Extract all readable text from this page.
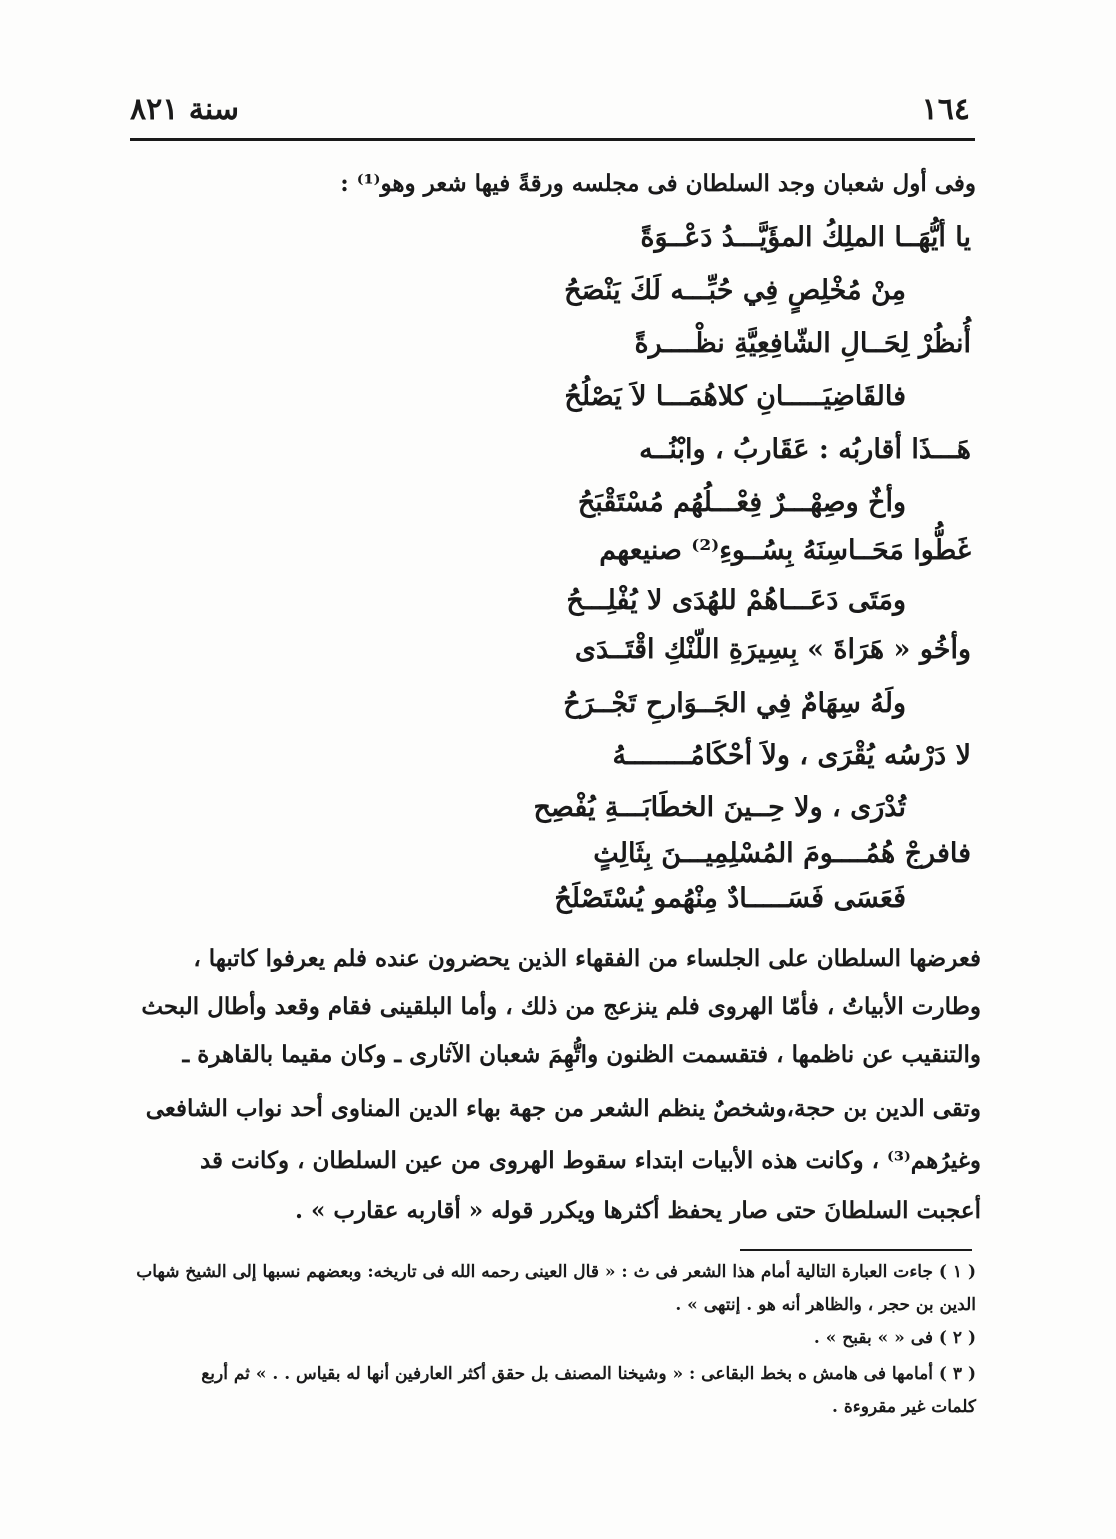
١٦٤
سنة ٨٢١
وفى أول شعبان وجد السلطان فى مجلسه ورقةً فيها شعر وهو⁽¹⁾ :
يا أيُّهَــا الملِكُ المؤَيَّـــدُ دَعْــوَةً
مِنْ مُخْلِصٍ فِي حُبِّـــه لَكَ يَنْصَحُ
أُنظُرْ لِحَــالِ الشّافِعِيَّةِ نظْــــرةً
فالقَاضِيَـــــانِ كلاهُمَـــا لاَ يَصْلُحُ
هَـــذَا أقاربُه : عَقَاربُ ، وابْنُــه
وأخٌ وصِهْـــرٌ فِعْـــلُهُم مُسْتَقْبَحُ
غَطُّوا مَحَــاسِنَهُ بِسُــوءِ⁽²⁾ صنيعهم
ومَتَى دَعَـــاهُمْ للهُدَى لا يُفْلِـــحُ
وأخُو « هَرَاةَ » بِسِيرَةِ اللّنْكِ اقْتَــدَى
ولَهُ سِهَامٌ فِي الجَــوَارحِ تَجْــرَحُ
لا دَرْسُه يُقْرَى ، ولاَ أحْكَامُــــــــهُ
تُدْرَى ، ولا حِــينَ الخطَابَـــةِ يُفْصِح
فافرجْ هُمُــــومَ المُسْلِمِيـــنَ بِثَالِثٍ
فَعَسَى فَسَـــــادٌ مِنْهُمو يُسْتَصْلَحُ
فعرضها السلطان على الجلساء من الفقهاء الذين يحضرون عنده فلم يعرفوا كاتبها ،
وطارت الأبياتُ ، فأمّا الهروى فلم ينزعج من ذلك ، وأما البلقينى فقام وقعد وأطال البحث
والتنقيب عن ناظمها ، فتقسمت الظنون واتُّهِمَ شعبان الآثارى ـ وكان مقيما بالقاهرة ـ
وتقى الدين بن حجة،وشخصٌ ينظم الشعر من جهة بهاء الدين المناوى أحد نواب الشافعى
وغيرُهم⁽³⁾ ، وكانت هذه الأبيات ابتداء سقوط الهروى من عين السلطان ، وكانت قد
أعجبت السلطانَ حتى صار يحفظ أكثرها ويكرر قوله « أقاربه عقارب » .
( ١ ) جاءت العبارة التالية أمام هذا الشعر فى ث : « قال العينى رحمه الله فى تاريخه: وبعضهم نسبها إلى الشيخ شهاب
الدين بن حجر ، والظاهر أنه هو . إنتهى » .
( ٢ ) فى « » بقبح » .
( ٣ ) أمامها فى هامش ه بخط البقاعى : « وشيخنا المصنف بل حقق أكثر العارفين أنها له بقياس . . » ثم أربع
كلمات غير مقروءة .
